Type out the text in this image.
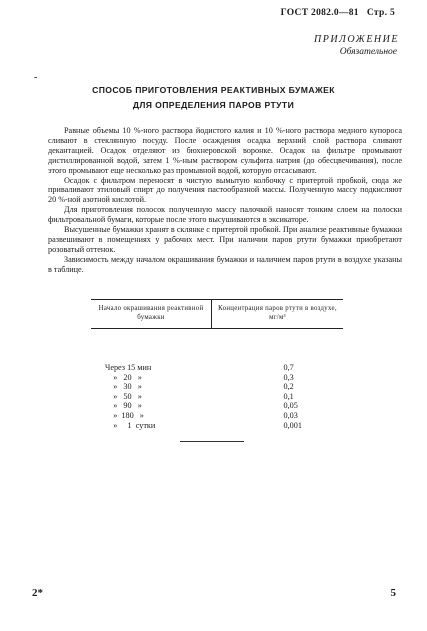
ГОСТ 2082.0—81 Стр. 5
ПРИЛОЖЕНИЕ
Обязательное
-
СПОСОБ ПРИГОТОВЛЕНИЯ РЕАКТИВНЫХ БУМАЖЕК
ДЛЯ ОПРЕДЕЛЕНИЯ ПАРОВ РТУТИ

Равные объемы 10 %-ного раствора йодистого калия и 10 %-ного раствора медного купороса сливают в стеклянную посуду. После осаждения осадка верхний слой раствора сливают декантацией. Осадок отделяют из бюхнеровской воронке. Осадок на фильтре промывают дистиллированной водой, затем 1 %-ным раствором сульфита натрия (до обесцвечивания), после этого промывают еще несколько раз промывной водой, которую отсасывают.

Осадок с фильтром переносят в чистую вымытую колбочку с притертой пробкой, сюда же приваливают этиловый спирт до получения пастообразной массы. Полученную массу подкисляют 20 %-ной азотной кислотой.

Для приготовления полосок полученную массу палочкой наносят тонким слоем на полоски фильтровальной бумаги, которые после этого высушиваются в эксикаторе.

Высушенные бумажки хранят в склянке с притертой пробкой. При анализе реактивные бумажки развешивают в помещениях у рабочих мест. При наличии паров ртути бумажки приобретают розоватый оттенок.

Зависимость между началом окрашивания бумажки и наличием паров ртути в воздухе указаны в таблице.

Начало окрашивания реактивной бумажки	Концентрация паров ртути в воздухе, мг/м³
Через 15 мин	0,7
»   20   »	0,3
»   30   »	0,2
»   50   »	0,1
»   90   »	0,05
»  180   »	0,03
»     1  сутки	0,001
2*	5
